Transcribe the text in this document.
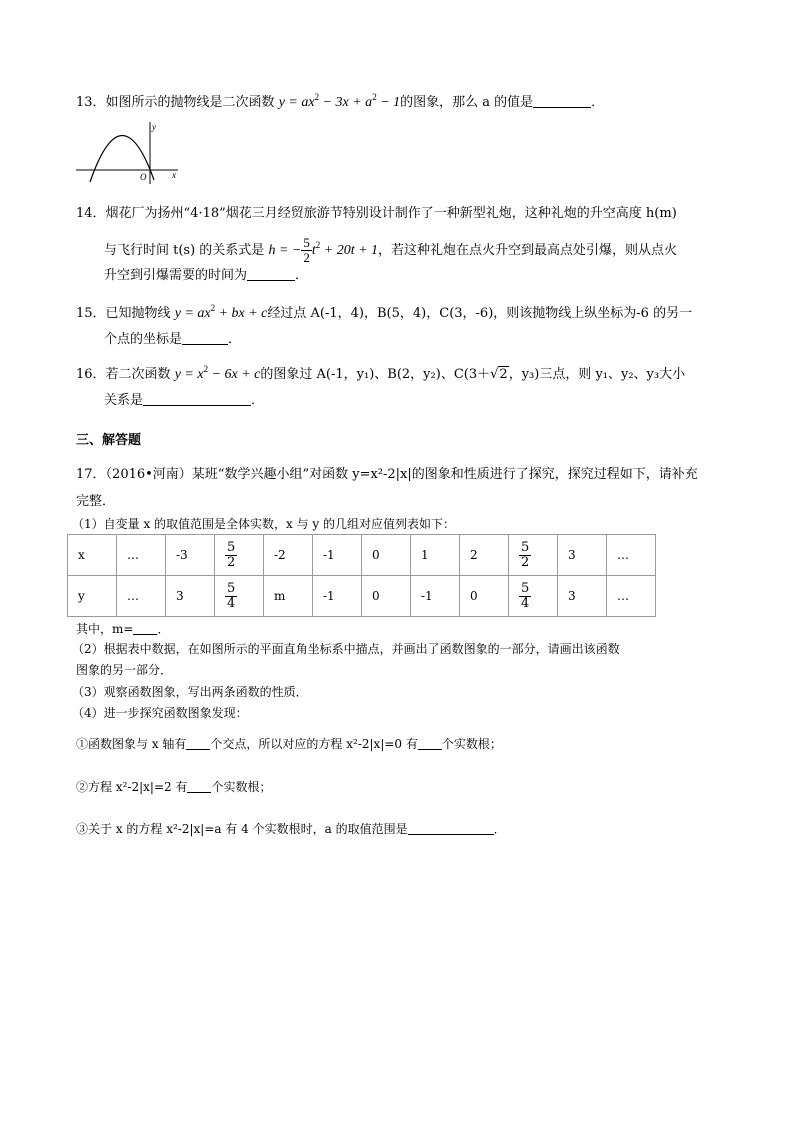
13．如图所示的抛物线是二次函数 $y = ax^2 - 3x + a^2 - 1$的图象，那么 a 的值是	．
y
x
O
14．烟花厂为扬州“4·18”烟花三月经贸旅游节特别设计制作了一种新型礼炮，这种礼炮的升空高度 h(m)
与飞行时间 t(s) 的关系式是 h = − $\frac{5}{2} t^2 + 20t + 1$，若这种礼炮在点火升空到最高点处引爆，则从点火
升空到引爆需要的时间为	．
15．已知抛物线 $y = ax^2$ + bx + c经过点 A(-1，4)，B(5，4)，C(3，-6)，则该抛物线上纵坐标为-6 的另一
个点的坐标是	．
16．若二次函数 $y = x^2 - 6x + c$的图象过 A(-1，y₁)、B(2，y₂)、C(3＋√2，y₃)三点，则 y₁、y₂、y₃大小
关系是	．
三、解答题
17．（2016•河南）某班“数学兴趣小组”对函数 y=x²-2|x|的图象和性质进行了探究，探究过程如下，请补充
完整．
（1）自变量 x 的取值范围是全体实数，x 与 y 的几组对应值列表如下：
x	…	-3	$\frac{5}{2}$	-2	-1	0	1	2	$\frac{5}{2}$	3	…
y	…	3	$\frac{5}{4}$	m	-1	0	-1	0	$\frac{5}{4}$	3	…
其中，m= ．
（2）根据表中数据，在如图所示的平面直角坐标系中描点，并画出了函数图象的一部分，请画出该函数
图象的另一部分．
（3）观察函数图象，写出两条函数的性质．
（4）进一步探究函数图象发现：
①函数图象与 x 轴有 个交点，所以对应的方程 x²-2|x|=0 有 个实数根；
②方程 x²-2|x|=2 有 个实数根；
③关于 x 的方程 x²-2|x|=a 有 4 个实数根时，a 的取值范围是	．
